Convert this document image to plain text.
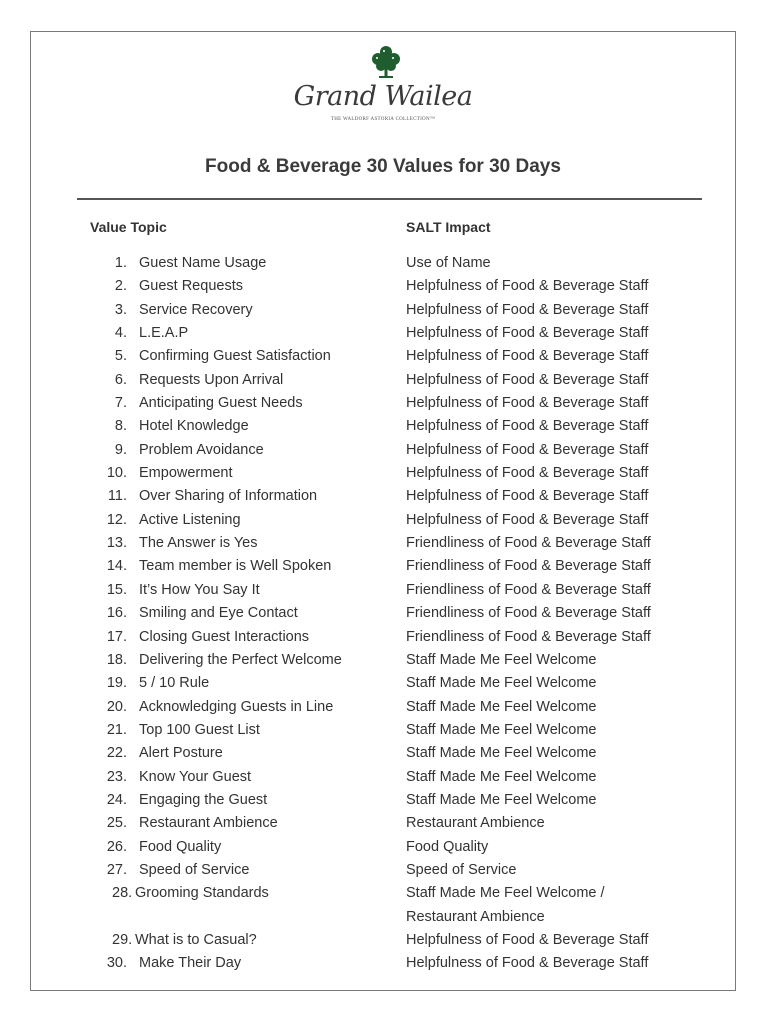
Grand Wailea
THE WALDORF ASTORIA COLLECTION™
Food & Beverage 30 Values for 30 Days
Value Topic	SALT Impact
1. Guest Name Usage	Use of Name
2. Guest Requests	Helpfulness of Food & Beverage Staff
3. Service Recovery	Helpfulness of Food & Beverage Staff
4. L.E.A.P	Helpfulness of Food & Beverage Staff
5. Confirming Guest Satisfaction	Helpfulness of Food & Beverage Staff
6. Requests Upon Arrival	Helpfulness of Food & Beverage Staff
7. Anticipating Guest Needs	Helpfulness of Food & Beverage Staff
8. Hotel Knowledge	Helpfulness of Food & Beverage Staff
9. Problem Avoidance	Helpfulness of Food & Beverage Staff
10. Empowerment	Helpfulness of Food & Beverage Staff
11. Over Sharing of Information	Helpfulness of Food & Beverage Staff
12. Active Listening	Helpfulness of Food & Beverage Staff
13. The Answer is Yes	Friendliness of Food & Beverage Staff
14. Team member is Well Spoken	Friendliness of Food & Beverage Staff
15. It’s How You Say It	Friendliness of Food & Beverage Staff
16. Smiling and Eye Contact	Friendliness of Food & Beverage Staff
17. Closing Guest Interactions	Friendliness of Food & Beverage Staff
18. Delivering the Perfect Welcome	Staff Made Me Feel Welcome
19. 5 / 10 Rule	Staff Made Me Feel Welcome
20. Acknowledging Guests in Line	Staff Made Me Feel Welcome
21. Top 100 Guest List	Staff Made Me Feel Welcome
22. Alert Posture	Staff Made Me Feel Welcome
23. Know Your Guest	Staff Made Me Feel Welcome
24. Engaging the Guest	Staff Made Me Feel Welcome
25. Restaurant Ambience	Restaurant Ambience
26. Food Quality	Food Quality
27. Speed of Service	Speed of Service
28. Grooming Standards	Staff Made Me Feel Welcome /
Restaurant Ambience
29. What is to Casual?	Helpfulness of Food & Beverage Staff
30. Make Their Day	Helpfulness of Food & Beverage Staff
